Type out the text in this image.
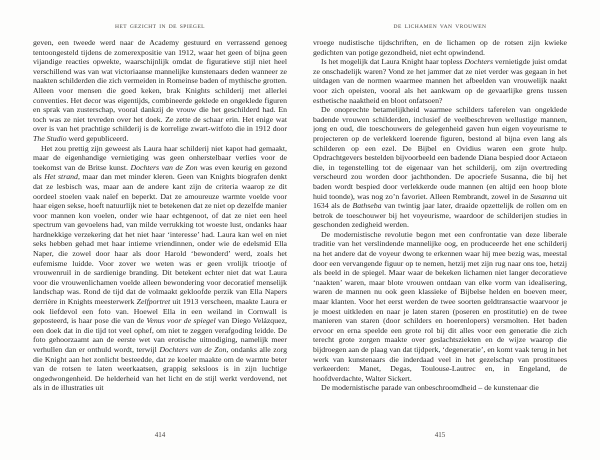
HET GEZICHT IN DE SPIEGEL

geven, een tweede werd naar de Academy gestuurd en verrassend genoeg tentoongesteld tijdens de zomerexpositie van 1912, waar het geen of bijna geen vijandige reacties opwekte, waarschijnlijk omdat de figuratieve stijl niet heel verschillend was van wat victoriaanse mannelijke kunstenaars deden wanneer ze naakten schilderden die zich vermeiden in Romeinse baden of mythische grotten. Alleen voor mensen die goed keken, brak Knights schilderij met allerlei conventies. Het decor was eigentijds, combineerde geklede en ongeklede figuren en sprak van zusterschap, vooral dankzij de vrouw die het geschilderd had. En toch was ze niet tevreden over het doek. Ze zette de schaar erin. Het enige wat over is van het prachtige schilderij is de korrelige zwart-witfoto die in 1912 door The Studio werd gepubliceerd.

Het zou prettig zijn geweest als Laura haar schilderij niet kapot had gemaakt, maar de eigenhandige vernietiging was geen onherstelbaar verlies voor de toekomst van de Britse kunst. Dochters van de Zon was even keurig en gezond als Het strand, maar dan met minder kleren. Geen van Knights biografen denkt dat ze lesbisch was, maar aan de andere kant zijn de criteria waarop ze dit oordeel stoelen vaak naïef en beperkt. Dat ze amoureuze warmte voelde voor haar eigen sekse, hoeft natuurlijk niet te betekenen dat ze niet op dezelfde manier voor mannen kon voelen, onder wie haar echtgenoot, of dat ze niet een heel spectrum van gevoelens had, van milde verrukking tot woeste lust, ondanks haar hardnekkige verzekering dat het niet haar ‘interesse’ had. Laura kan wel en niet seks hebben gehad met haar intieme vriendinnen, onder wie de edelsmid Ella Naper, die zowel door haar als door Harold ‘bewonderd’ werd, zoals het eufemisme luidde. Voor zover we weten was er geen vrolijk triootje of vrouwenruil in de sardienige branding. Dit betekent echter niet dat wat Laura voor die vrouwenlichamen voelde alleen bewondering voor decoratief menselijk landschap was. Rond de tijd dat de volmaakt gekloofde perzik van Ella Napers derrière in Knights meesterwerk Zelfportret uit 1913 verscheen, maakte Laura er ook liefdevol een foto van. Hoewel Ella in een weiland in Cornwall is geposteerd, is haar pose die van de Venus voor de spiegel van Diego Velázquez, een doek dat in die tijd tot veel ophef, om niet te zeggen verafgoding leidde. De foto gehoorzaamt aan de eerste wet van erotische uitnodiging, namelijk meer verhullen dan er onthuld wordt, terwijl Dochters van de Zon, ondanks alle zorg die Knight aan het zonlicht besteedde, dat ze koeler maakte om de warmte beter van de rotsen te laten weerkaatsen, grappig seksloos is in zijn luchtige ongedwongenheid. De helderheid van het licht en de stijl werkt verdovend, net als in de illustraties uit

414
DE LICHAMEN VAN VROUWEN

vroege nudistische tijdschriften, en de lichamen op de rotsen zijn kwieke gedichten van potige gezondheid, niet echt opwindend.

Is het mogelijk dat Laura Knight haar topless Dochters vernietigde juist omdat ze onschadelijk waren? Vond ze het jammer dat ze niet verder was gegaan in het uitdagen van de normen waarmee mannen het afbeelden van vrouwelijk naakt voor zich opeisten, vooral als het aankwam op de gevaarlijke grens tussen esthetische naaktheid en bloot onfatsoen?

De onoprechte betamelijkheid waarmee schilders taferelen van ongeklede badende vrouwen schilderden, inclusief de veelbeschreven wellustige mannen, jong en oud, die toeschouwers de gelegenheid gaven hun eigen voyeurisme te projecteren op de verlekkerd loerende figuren, bestond al bijna even lang als schilderen op een ezel. De Bijbel en Ovidius waren een grote hulp. Opdrachtgevers bestelden bijvoorbeeld een badende Diana bespied door Actaeon die, in tegenstelling tot de eigenaar van het schilderij, om zijn overtreding verscheurd zou worden door jachthonden. De apocriefe Susanna, die bij het baden wordt bespied door verlekkerde oude mannen (en altijd een hoop blote huid toonde), was nog zo’n favoriet. Alleen Rembrandt, zowel in de Susanna uit 1634 als de Bathseba van twintig jaar later, draaide opzettelijk de rollen om en betrok de toeschouwer bij het voyeurisme, waardoor de schilderijen studies in geschonden zedigheid werden.

De modernistische revolutie begon met een confrontatie van deze liberale traditie van het verslindende mannelijke oog, en produceerde het ene schilderij na het andere dat de voyeur dwong te erkennen waar hij mee bezig was, meestal door een vervangende figuur op te nemen, hetzij met zijn rug naar ons toe, hetzij als beeld in de spiegel. Maar waar de bekeken lichamen niet langer decoratieve ‘naakten’ waren, maar blote vrouwen ontdaan van elke vorm van idealisering, waren de mannen nu ook geen klassieke of Bijbelse helden en boeven meer, maar klanten. Voor het eerst werden de twee soorten geldtransactie waarvoor je je moest uitkleden en naar je laten staren (poseren en prostitutie) en de twee manieren van staren (door schilders en hoerenlopers) versmolten. Het baden ervoor en erna speelde een grote rol bij dit alles voor een generatie die zich terecht grote zorgen maakte over geslachtsziekten en de wijze waarop die bijdroegen aan de plaag van dat tijdperk, ‘degeneratie’, en komt vaak terug in het werk van kunstenaars die inderdaad veel in het gezelschap van prostituees verkeerden: Manet, Degas, Toulouse-Lautrec en, in Engeland, de hoofdverdachte, Walter Sickert.

De modernistische parade van onbeschroomdheid – de kunstenaar die

415
